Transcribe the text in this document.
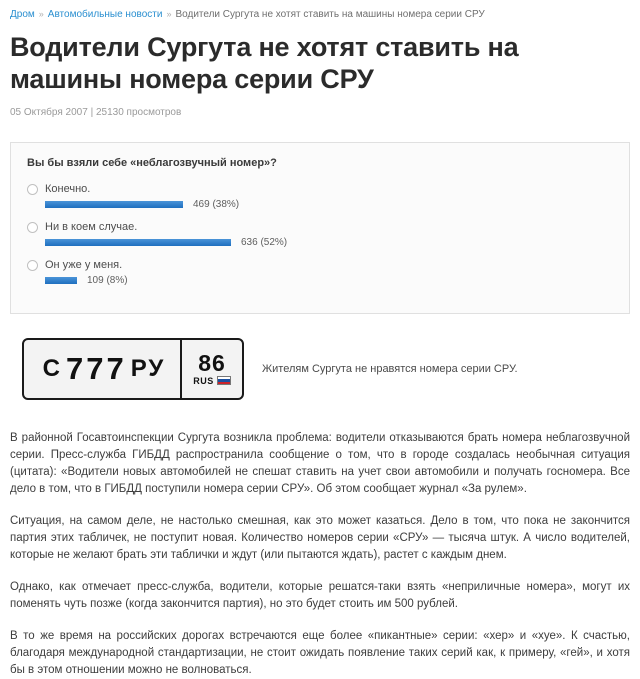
Дром » Автомобильные новости » Водители Сургута не хотят ставить на машины номера серии СРУ
Водители Сургута не хотят ставить на машины номера серии СРУ
05 Октября 2007 | 25130 просмотров
Вы бы взяли себе «неблагозвучный номер»?
Конечно.
469 (38%)
Ни в коем случае.
636 (52%)
Он уже у меня.
109 (8%)
С 777 РУ 86
RUS
Жителям Сургута не нравятся номера серии СРУ.

В районной Госавтоинспекции Сургута возникла проблема: водители отказываются брать номера неблагозвучной серии. Пресс-служба ГИБДД распространила сообщение о том, что в городе создалась необычная ситуация (цитата): «Водители новых автомобилей не спешат ставить на учет свои автомобили и получать госномера. Все дело в том, что в ГИБДД поступили номера серии СРУ». Об этом сообщает журнал «За рулем».

Ситуация, на самом деле, не настолько смешная, как это может казаться. Дело в том, что пока не закончится партия этих табличек, не поступит новая. Количество номеров серии «СРУ» — тысяча штук. А число водителей, которые не желают брать эти таблички и ждут (или пытаются ждать), растет с каждым днем.

Однако, как отмечает пресс-служба, водители, которые решатся-таки взять «неприличные номера», могут их поменять чуть позже (когда закончится партия), но это будет стоить им 500 рублей.

В то же время на российских дорогах встречаются еще более «пикантные» серии: «хер» и «хуе». К счастью, благодаря международной стандартизации, не стоит ожидать появление таких серий как, к примеру, «гей», и хотя бы в этом отношении можно не волноваться.
